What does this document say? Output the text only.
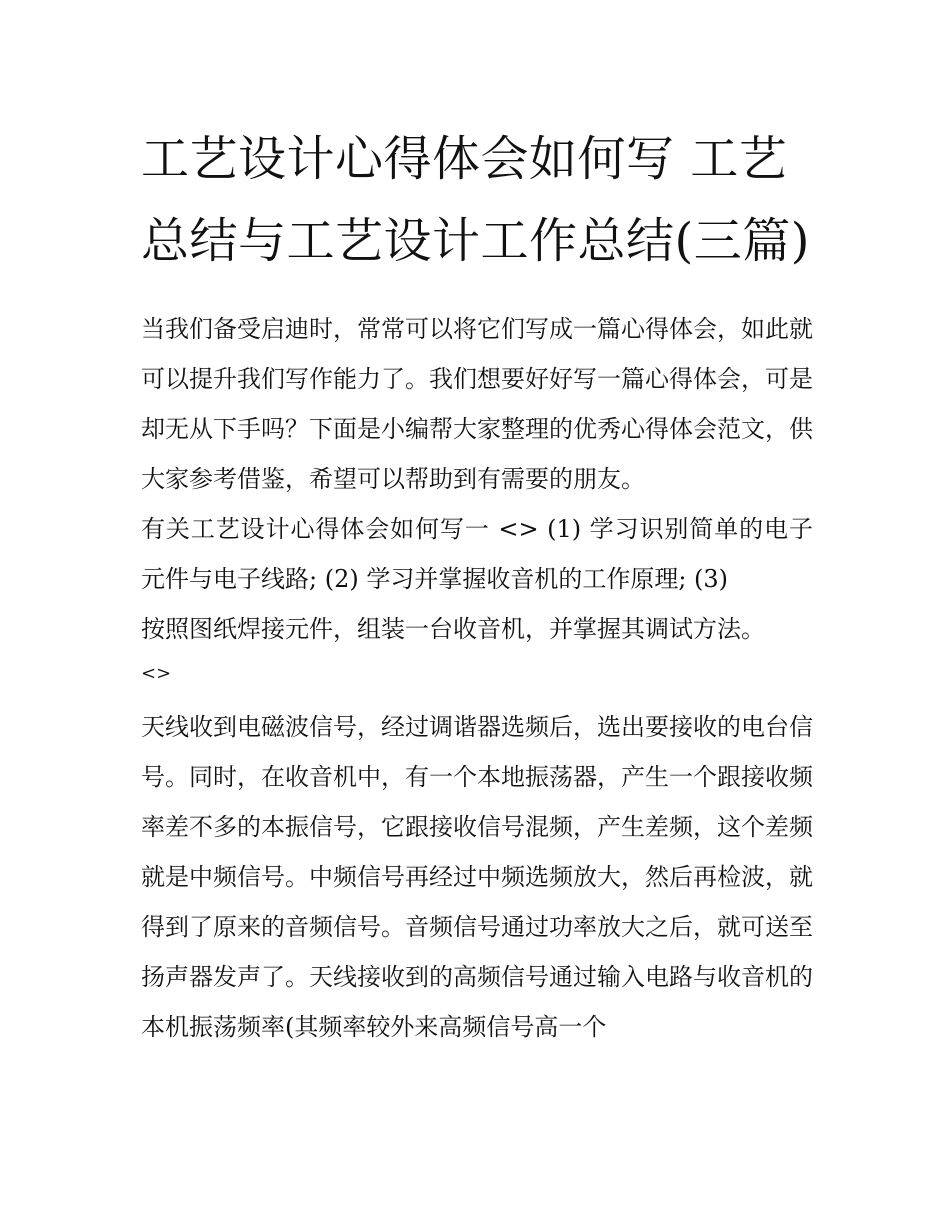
工艺设计心得体会如何写 工艺总结与工艺设计工作总结(三篇)

当我们备受启迪时，常常可以将它们写成一篇心得体会，如此就可以提升我们写作能力了。我们想要好好写一篇心得体会，可是却无从下手吗？下面是小编帮大家整理的优秀心得体会范文，供大家参考借鉴，希望可以帮助到有需要的朋友。

有关工艺设计心得体会如何写一 <> (1) 学习识别简单的电子元件与电子线路; (2) 学习并掌握收音机的工作原理; (3)

按照图纸焊接元件，组装一台收音机，并掌握其调试方法。

<>

天线收到电磁波信号，经过调谐器选频后，选出要接收的电台信号。同时，在收音机中，有一个本地振荡器，产生一个跟接收频率差不多的本振信号，它跟接收信号混频，产生差频，这个差频就是中频信号。中频信号再经过中频选频放大，然后再检波，就得到了原来的音频信号。音频信号通过功率放大之后，就可送至扬声器发声了。天线接收到的高频信号通过输入电路与收音机的本机振荡频率(其频率较外来高频信号高一个
